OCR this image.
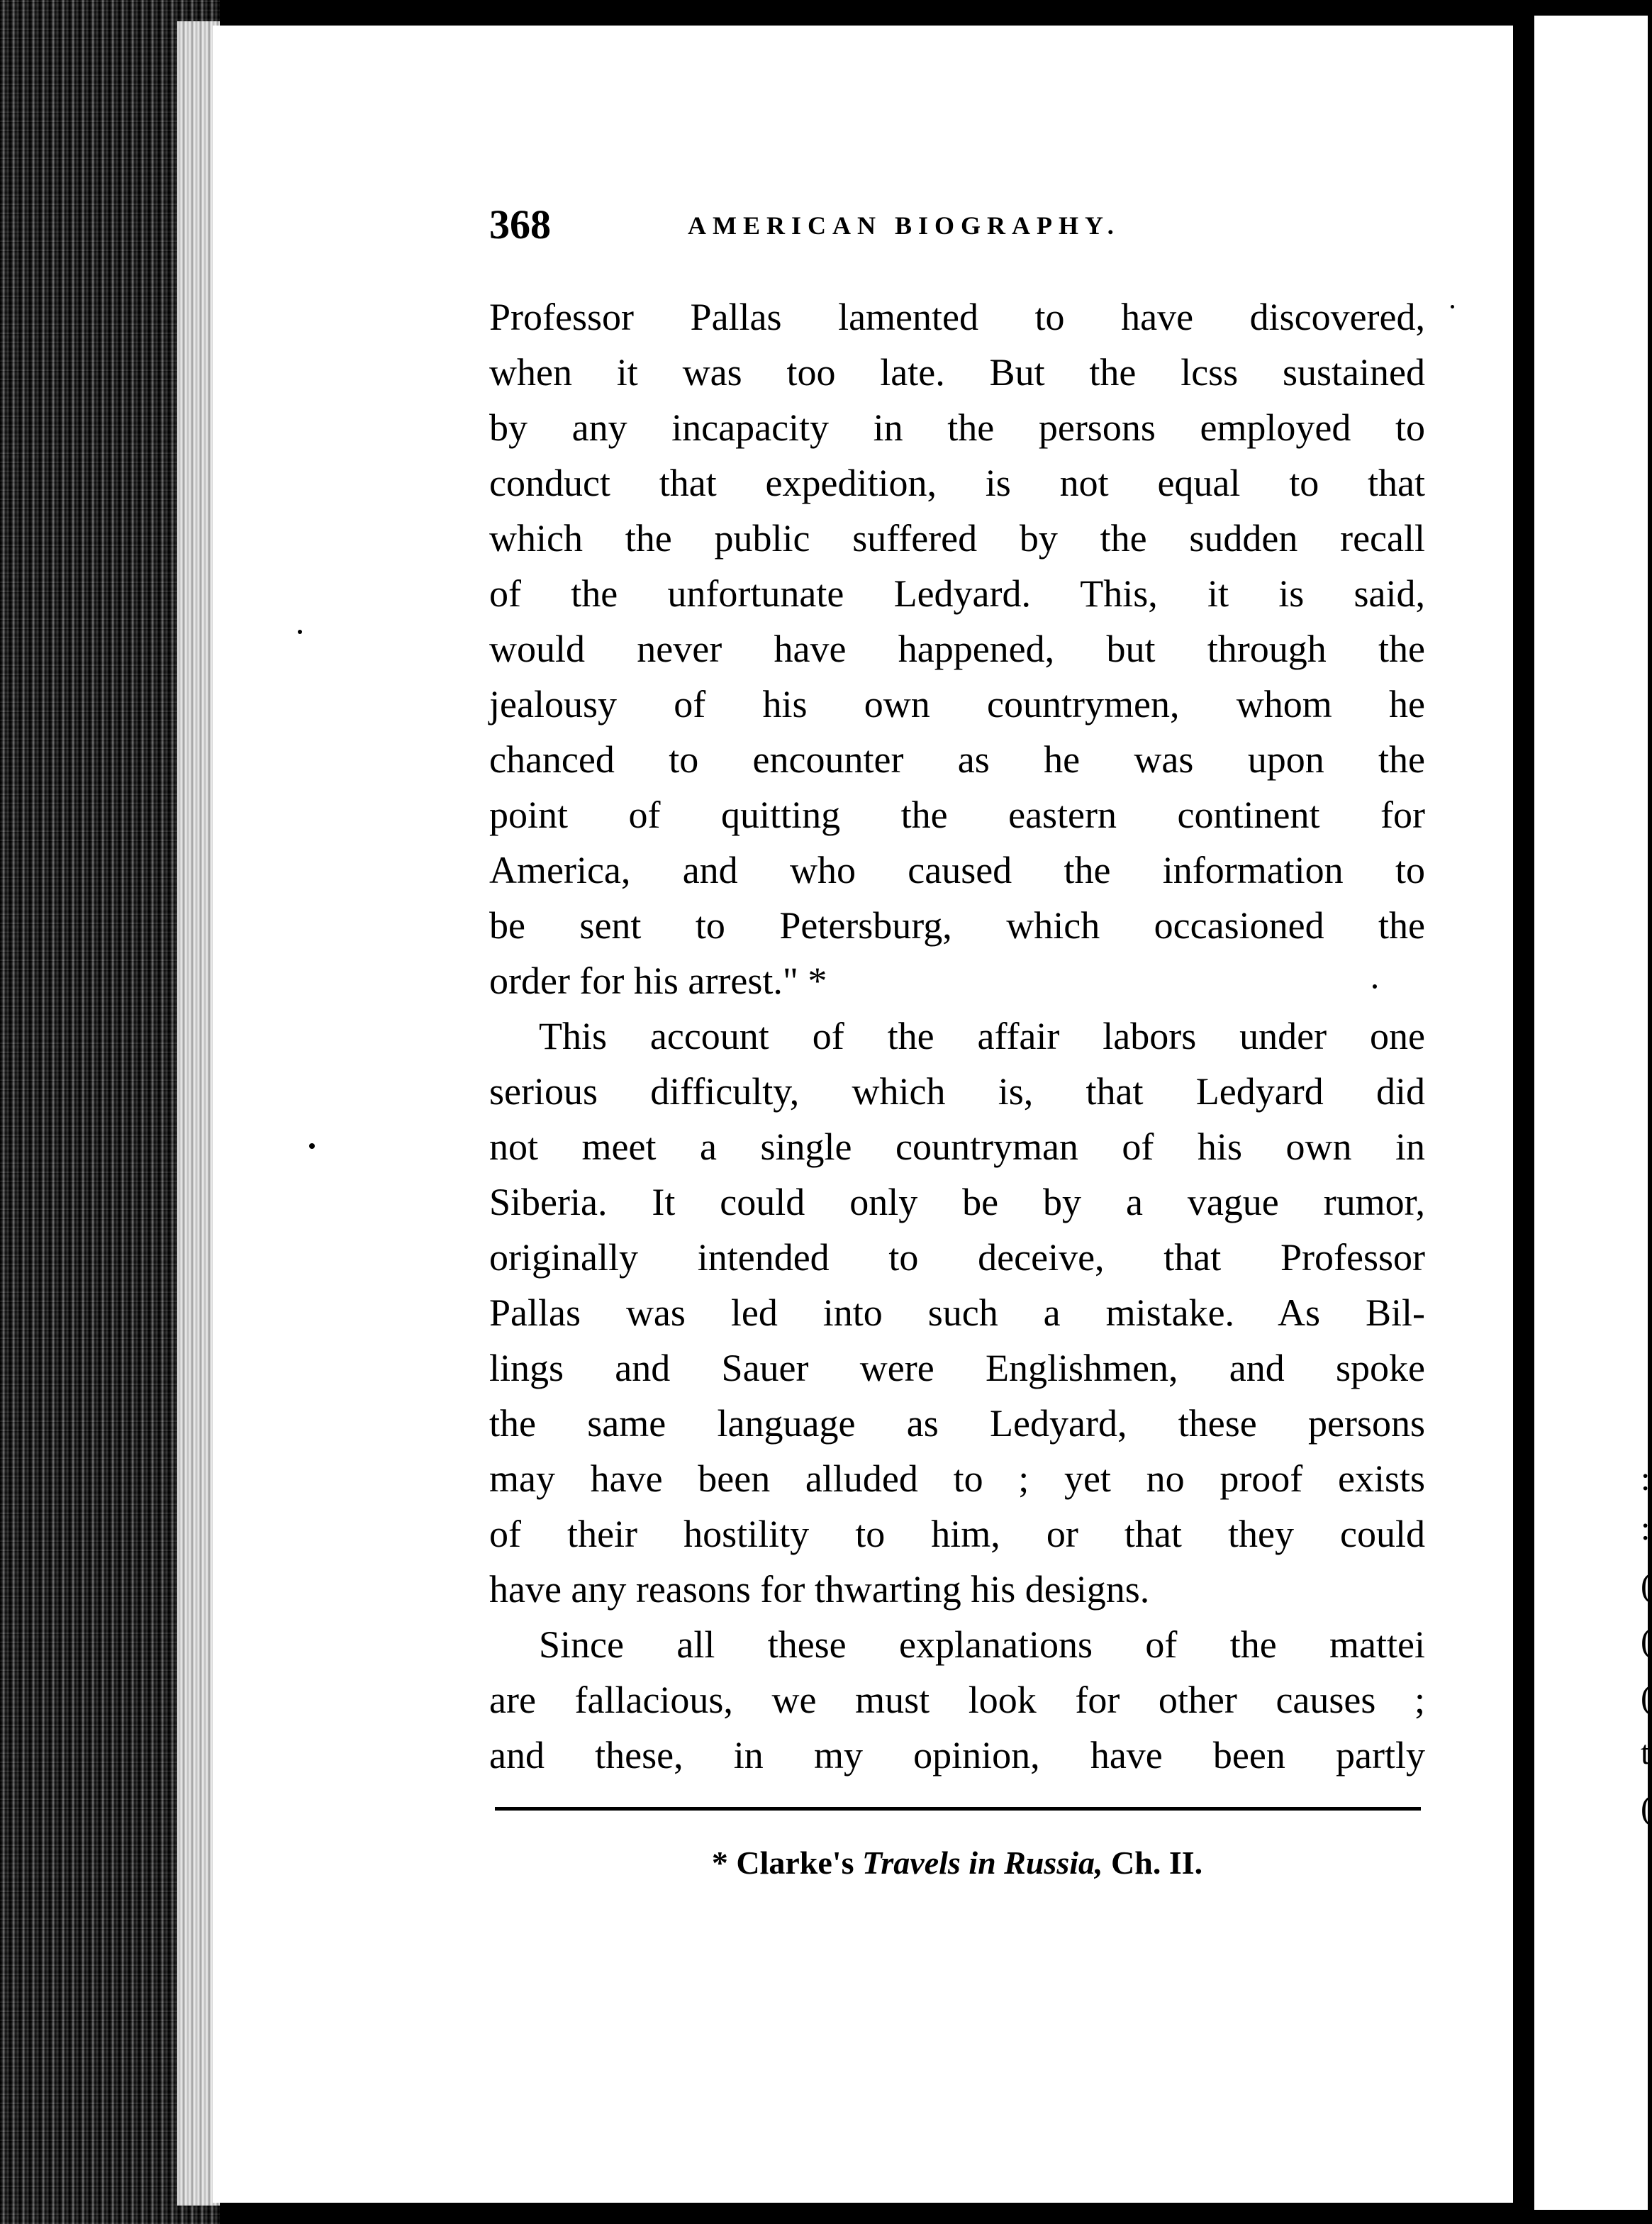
368	AMERICAN BIOGRAPHY.
Professor Pallas lamented to have discovered,
when it was too late. But the lcss sustained
by any incapacity in the persons employed to
conduct that expedition, is not equal to that
which the public suffered by the sudden recall
of the unfortunate Ledyard. This, it is said,
would never have happened, but through the
jealousy of his own countrymen, whom he
chanced to encounter as he was upon the
point of quitting the eastern continent for
America, and who caused the information to
be sent to Petersburg, which occasioned the
order for his arrest." *
This account of the affair labors under one
serious difficulty, which is, that Ledyard did
not meet a single countryman of his own in
Siberia. It could only be by a vague rumor,
originally intended to deceive, that Professor
Pallas was led into such a mistake. As Bil-
lings and Sauer were Englishmen, and spoke
the same language as Ledyard, these persons
may have been alluded to ; yet no proof exists
of their hostility to him, or that they could
have any reasons for thwarting his designs.
Since all these explanations of the mattei
are fallacious, we must look for other causes ;
and these, in my opinion, have been partly
* Clarke's Travels in Russia, Ch. II.
:
:
(
(
(
t
(
